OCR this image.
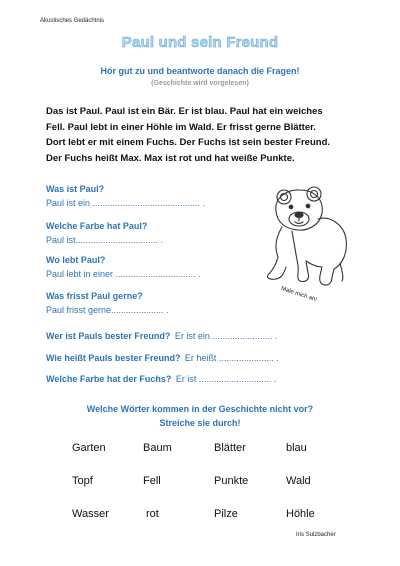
Akustisches Gedächtnis
Paul und sein Freund
Hör gut zu und beantworte danach die Fragen!
(Geschichte wird vorgelesen)
Das ist Paul. Paul ist ein Bär. Er ist blau. Paul hat ein weiches
Fell. Paul lebt in einer Höhle im Wald. Er frisst gerne Blätter.
Dort lebt er mit einem Fuchs. Der Fuchs ist sein bester Freund.
Der Fuchs heißt Max. Max ist rot und hat weiße Punkte.
Was ist Paul?
Paul ist ein ........................................... .
Welche Farbe hat Paul?
Paul ist................................. .
Wo lebt Paul?
Paul lebt in einer ................................ .
Was frisst Paul gerne?
Paul frisst gerne..................... .
Wer ist Pauls bester Freund? Er ist ein ........................ .
Wie heißt Pauls bester Freund? Er heißt ...................... .
Welche Farbe hat der Fuchs? Er ist ............................. .
Male mich an!
Welche Wörter kommen in der Geschichte nicht vor?
Streiche sie durch!
Garten	Baum	Blätter	blau
Topf	Fell	Punkte	Wald
Wasser	rot	Pilze	Höhle
Iris Sulzbacher
